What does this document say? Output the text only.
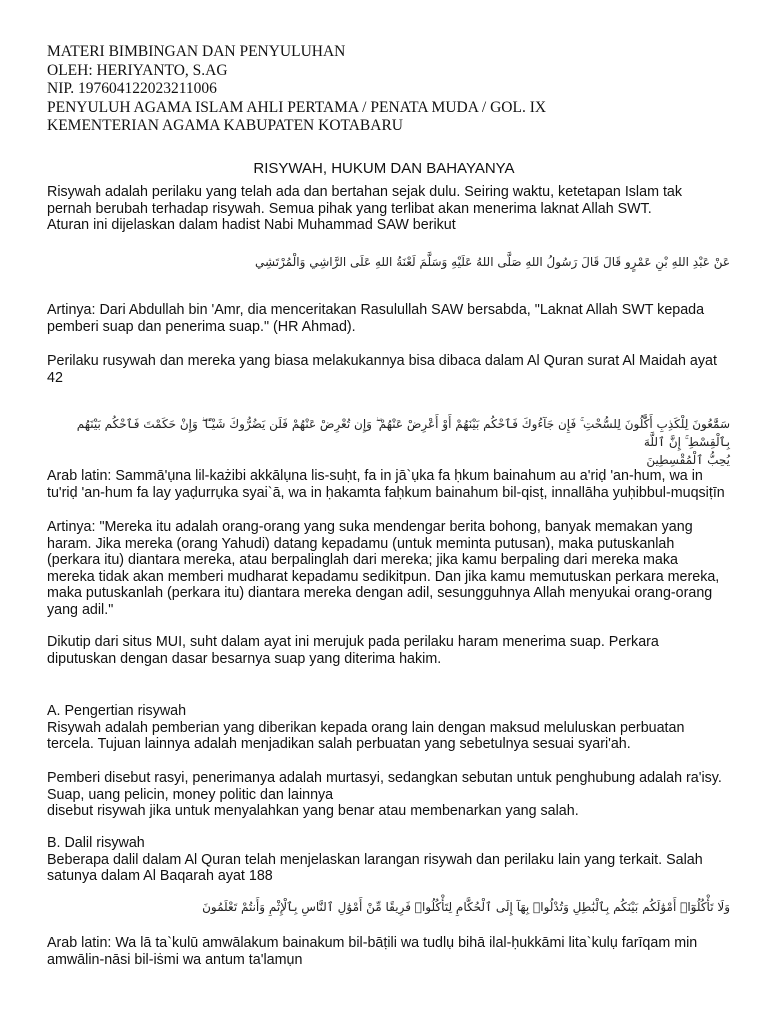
MATERI BIMBINGAN DAN PENYULUHAN
OLEH: HERIYANTO, S.AG
NIP. 197604122023211006
PENYULUH AGAMA ISLAM AHLI PERTAMA / PENATA MUDA / GOL. IX
KEMENTERIAN AGAMA KABUPATEN KOTABARU
RISYWAH, HUKUM DAN BAHAYANYA

Risywah adalah perilaku yang telah ada dan bertahan sejak dulu. Seiring waktu, ketetapan Islam tak
pernah berubah terhadap risywah. Semua pihak yang terlibat akan menerima laknat Allah SWT.
Aturan ini dijelaskan dalam hadist Nabi Muhammad SAW berikut

عَنْ عَبْدِ اللهِ بْنِ عَمْرٍو قَالَ قَالَ رَسُولُ اللهِ صَلَّى اللهُ عَلَيْهِ وَسَلَّمَ لَعْنَةُ اللهِ عَلَى الرَّاشِي وَالْمُرْتَشِي

Artinya: Dari Abdullah bin 'Amr, dia menceritakan Rasulullah SAW bersabda, "Laknat Allah SWT kepada
pemberi suap dan penerima suap." (HR Ahmad).

Perilaku rusywah dan mereka yang biasa melakukannya bisa dibaca dalam Al Quran surat Al Maidah ayat
42

سَمَّٰعُونَ لِلْكَذِبِ أَكَّٰلُونَ لِلسُّحْتِ ۚ فَإِن جَآءُوكَ فَٱحْكُم بَيْنَهُمْ أَوْ أَعْرِضْ عَنْهُمْ ۖ وَإِن تُعْرِضْ عَنْهُمْ فَلَن يَضُرُّوكَ شَيْـًٔا ۖ وَإِنْ حَكَمْتَ فَٱحْكُم بَيْنَهُم بِٱلْقِسْطِ ۚ إِنَّ ٱللَّهَ
يُحِبُّ ٱلْمُقْسِطِينَ

Arab latin: Sammā'ụna lil-każibi akkālụna lis-suḥt, fa in jā`ụka fa ḥkum bainahum au a'riḍ 'an-hum, wa in
tu'riḍ 'an-hum fa lay yaḍurrụka syai`ā, wa in ḥakamta faḥkum bainahum bil-qisṭ, innallāha yuḥibbul-muqsiṭīn

Artinya: "Mereka itu adalah orang-orang yang suka mendengar berita bohong, banyak memakan yang
haram. Jika mereka (orang Yahudi) datang kepadamu (untuk meminta putusan), maka putuskanlah
(perkara itu) diantara mereka, atau berpalinglah dari mereka; jika kamu berpaling dari mereka maka
mereka tidak akan memberi mudharat kepadamu sedikitpun. Dan jika kamu memutuskan perkara mereka,
maka putuskanlah (perkara itu) diantara mereka dengan adil, sesungguhnya Allah menyukai orang-orang
yang adil."

Dikutip dari situs MUI, suht dalam ayat ini merujuk pada perilaku haram menerima suap. Perkara
diputuskan dengan dasar besarnya suap yang diterima hakim.

A. Pengertian risywah
Risywah adalah pemberian yang diberikan kepada orang lain dengan maksud meluluskan perbuatan
tercela. Tujuan lainnya adalah menjadikan salah perbuatan yang sebetulnya sesuai syari'ah.

Pemberi disebut rasyi, penerimanya adalah murtasyi, sedangkan sebutan untuk penghubung adalah ra'isy.
Suap, uang pelicin, money politic dan lainnya
disebut risywah jika untuk menyalahkan yang benar atau membenarkan yang salah.

B. Dalil risywah
Beberapa dalil dalam Al Quran telah menjelaskan larangan risywah dan perilaku lain yang terkait. Salah
satunya dalam Al Baqarah ayat 188

وَلَا تَأْكُلُوٓا۟ أَمْوَٰلَكُم بَيْنَكُم بِٱلْبَٰطِلِ وَتُدْلُوا۟ بِهَآ إِلَى ٱلْحُكَّامِ لِتَأْكُلُوا۟ فَرِيقًا مِّنْ أَمْوَٰلِ ٱلنَّاسِ بِٱلْإِثْمِ وَأَنتُمْ تَعْلَمُونَ

Arab latin: Wa lā ta`kulū amwālakum bainakum bil-bāṭili wa tudlụ bihā ilal-ḥukkāmi lita`kulụ farīqam min
amwālin-nāsi bil-iṡmi wa antum ta'lamụn
